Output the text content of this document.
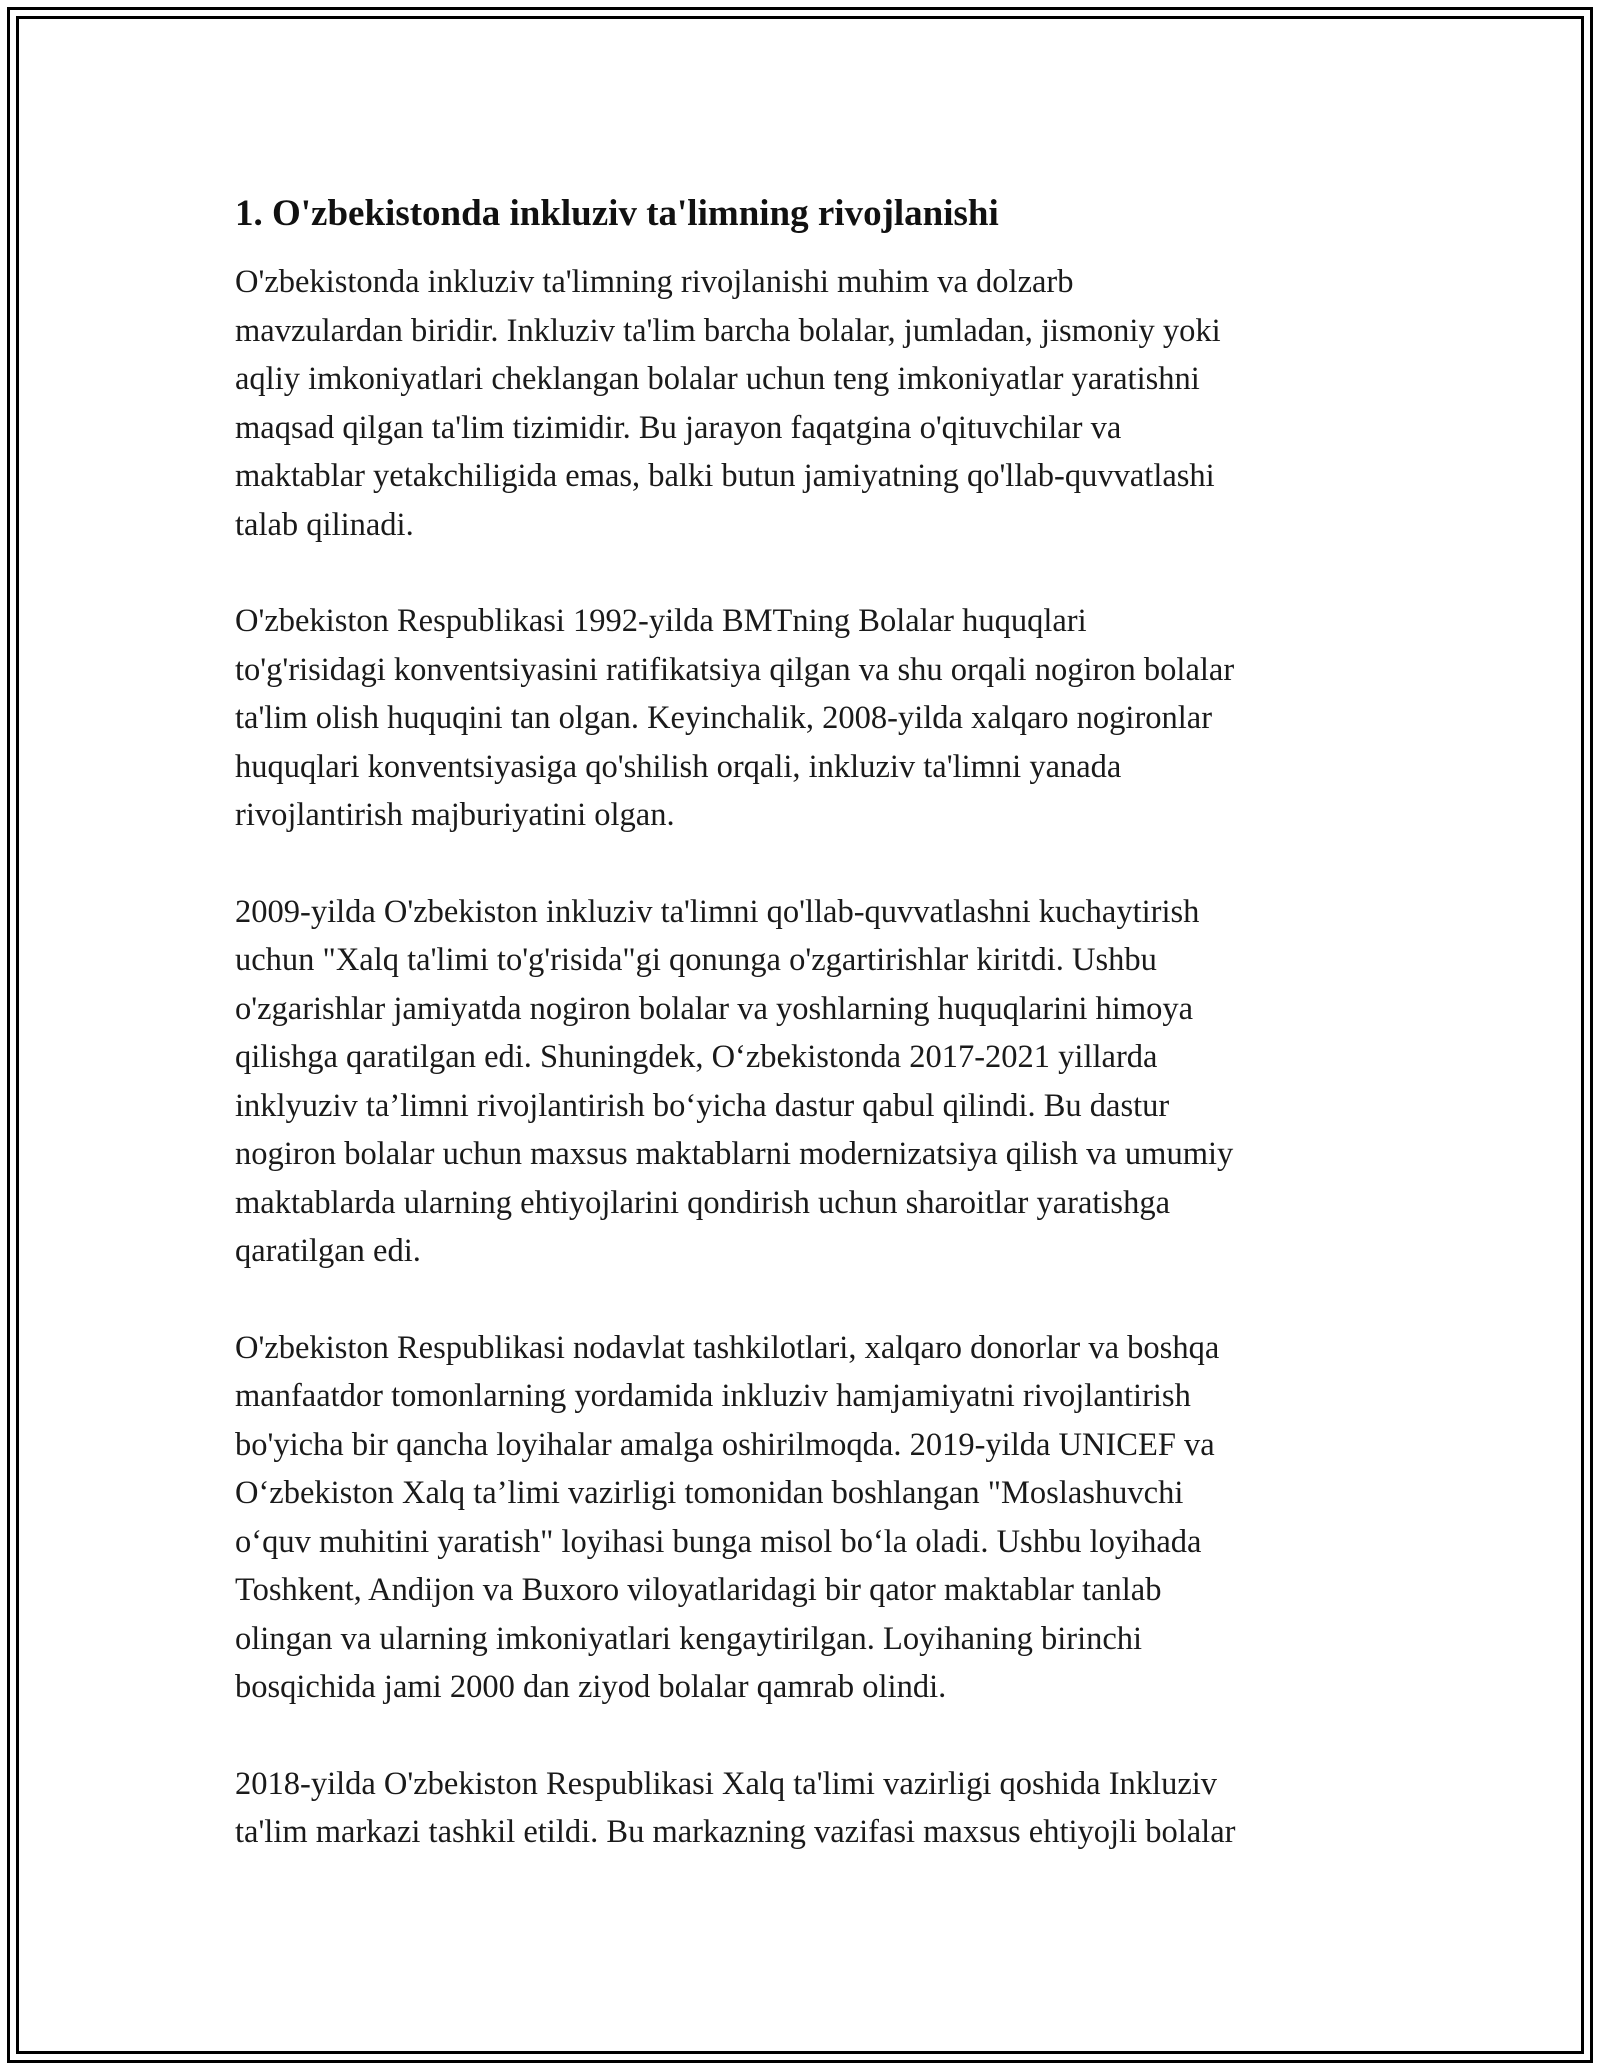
1. O'zbekistonda inkluziv ta'limning rivojlanishi

O'zbekistonda inkluziv ta'limning rivojlanishi muhim va dolzarb
mavzulardan biridir. Inkluziv ta'lim barcha bolalar, jumladan, jismoniy yoki
aqliy imkoniyatlari cheklangan bolalar uchun teng imkoniyatlar yaratishni
maqsad qilgan ta'lim tizimidir. Bu jarayon faqatgina o'qituvchilar va
maktablar yetakchiligida emas, balki butun jamiyatning qo'llab-quvvatlashi
talab qilinadi.

O'zbekiston Respublikasi 1992-yilda BMTning Bolalar huquqlari
to'g'risidagi konventsiyasini ratifikatsiya qilgan va shu orqali nogiron bolalar
ta'lim olish huquqini tan olgan. Keyinchalik, 2008-yilda xalqaro nogironlar
huquqlari konventsiyasiga qo'shilish orqali, inkluziv ta'limni yanada
rivojlantirish majburiyatini olgan.

2009-yilda O'zbekiston inkluziv ta'limni qo'llab-quvvatlashni kuchaytirish
uchun "Xalq ta'limi to'g'risida"gi qonunga o'zgartirishlar kiritdi. Ushbu
o'zgarishlar jamiyatda nogiron bolalar va yoshlarning huquqlarini himoya
qilishga qaratilgan edi. Shuningdek, O‘zbekistonda 2017-2021 yillarda
inklyuziv ta’limni rivojlantirish bo‘yicha dastur qabul qilindi. Bu dastur
nogiron bolalar uchun maxsus maktablarni modernizatsiya qilish va umumiy
maktablarda ularning ehtiyojlarini qondirish uchun sharoitlar yaratishga
qaratilgan edi.

O'zbekiston Respublikasi nodavlat tashkilotlari, xalqaro donorlar va boshqa
manfaatdor tomonlarning yordamida inkluziv hamjamiyatni rivojlantirish
bo'yicha bir qancha loyihalar amalga oshirilmoqda. 2019-yilda UNICEF va
O‘zbekiston Xalq ta’limi vazirligi tomonidan boshlangan "Moslashuvchi
o‘quv muhitini yaratish" loyihasi bunga misol bo‘la oladi. Ushbu loyihada
Toshkent, Andijon va Buxoro viloyatlaridagi bir qator maktablar tanlab
olingan va ularning imkoniyatlari kengaytirilgan. Loyihaning birinchi
bosqichida jami 2000 dan ziyod bolalar qamrab olindi.

2018-yilda O'zbekiston Respublikasi Xalq ta'limi vazirligi qoshida Inkluziv
ta'lim markazi tashkil etildi. Bu markazning vazifasi maxsus ehtiyojli bolalar
